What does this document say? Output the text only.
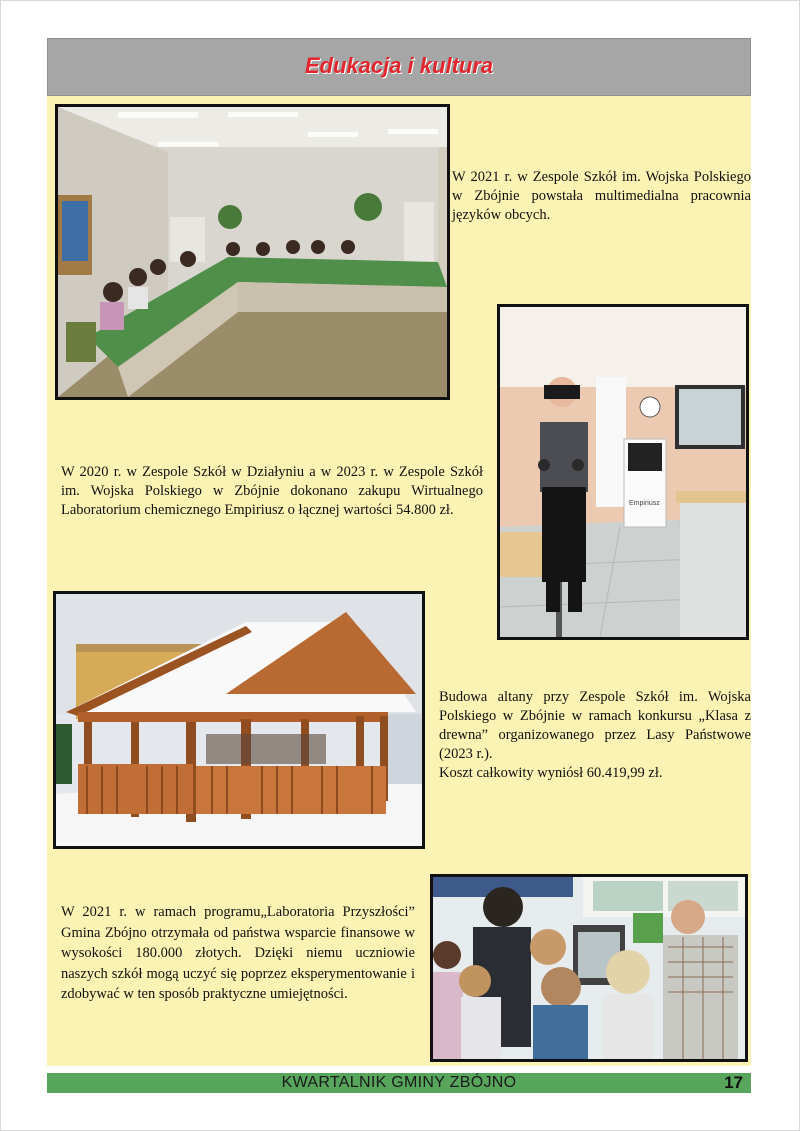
Edukacja i kultura

W 2021 r. w Zespole Szkół im. Wojska Polskiego w Zbójnie powstała multimedialna pracownia języków obcych.

Empiriusz

W 2020 r. w Zespole Szkół w Działyniu a w 2023 r. w Zespole Szkół im. Wojska Polskiego w Zbójnie dokonano zakupu Wirtualnego Laboratorium chemicznego Empiriusz o łącznej wartości 54.800 zł.

Budowa altany przy Zespole Szkół im. Wojska Polskiego w Zbójnie w ramach konkursu „Klasa z drewna” organizowanego przez Lasy Państwowe (2023 r.).

Koszt całkowity wyniósł 60.419,99 zł.

W 2021 r. w ramach programu„Laboratoria Przyszłości” Gmina Zbójno otrzymała od państwa wsparcie finansowe w wysokości 180.000 złotych. Dzięki niemu uczniowie naszych szkół mogą uczyć się poprzez eksperymentowanie i zdobywać w ten sposób praktyczne umiejętności.

KWARTALNIK GMINY ZBÓJNO	17
